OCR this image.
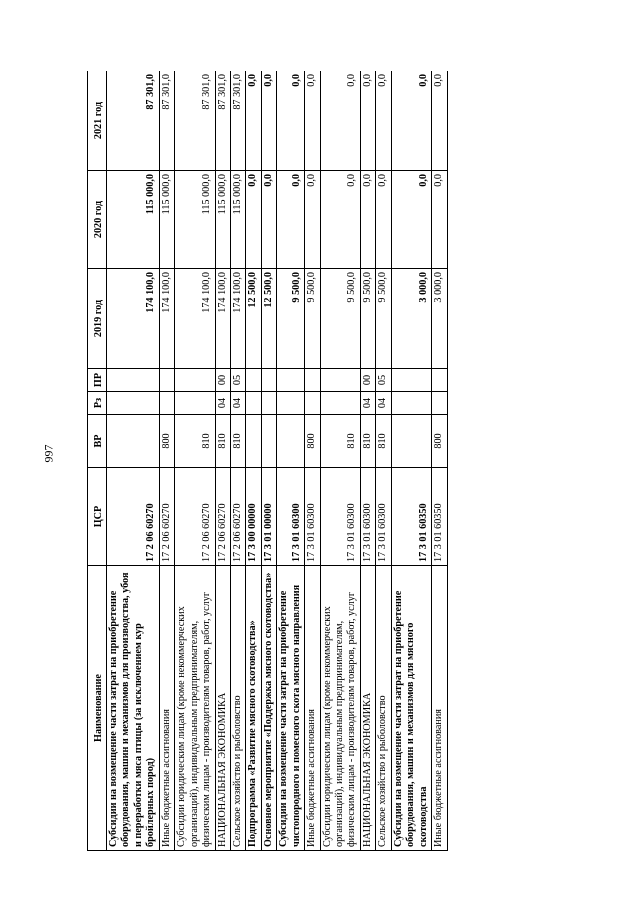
997
Наименование	ЦСР	ВР	Рз	ПР	2019 год	2020 год	2021 год
Субсидии на возмещение части затрат на приобретение оборудования, машин и механизмов для производства, убоя и переработки мяса птицы (за исключением кур бройлерных пород)	17 2 06 60270				174 100,0	115 000,0	87 301,0
Иные бюджетные ассигнования	17 2 06 60270	800			174 100,0	115 000,0	87 301,0
Субсидии юридическим лицам (кроме некоммерческих организаций), индивидуальным предпринимателям, физическим лицам - производителям товаров, работ, услуг	17 2 06 60270	810			174 100,0	115 000,0	87 301,0
НАЦИОНАЛЬНАЯ ЭКОНОМИКА	17 2 06 60270	810	04	00	174 100,0	115 000,0	87 301,0
Сельское хозяйство и рыболовство	17 2 06 60270	810	04	05	174 100,0	115 000,0	87 301,0
Подпрограмма «Развитие мясного скотоводства»	17 3 00 00000				12 500,0	0,0	0,0
Основное мероприятие «Поддержка мясного скотоводства»	17 3 01 00000				12 500,0	0,0	0,0
Субсидии на возмещение части затрат на приобретение чистопородного и помесного скота мясного направления	17 3 01 60300				9 500,0	0,0	0,0
Иные бюджетные ассигнования	17 3 01 60300	800			9 500,0	0,0	0,0
Субсидии юридическим лицам (кроме некоммерческих организаций), индивидуальным предпринимателям, физическим лицам - производителям товаров, работ, услуг	17 3 01 60300	810			9 500,0	0,0	0,0
НАЦИОНАЛЬНАЯ ЭКОНОМИКА	17 3 01 60300	810	04	00	9 500,0	0,0	0,0
Сельское хозяйство и рыболовство	17 3 01 60300	810	04	05	9 500,0	0,0	0,0
Субсидии на возмещение части затрат на приобретение оборудования, машин и механизмов для мясного скотоводства	17 3 01 60350				3 000,0	0,0	0,0
Иные бюджетные ассигнования	17 3 01 60350	800			3 000,0	0,0	0,0
